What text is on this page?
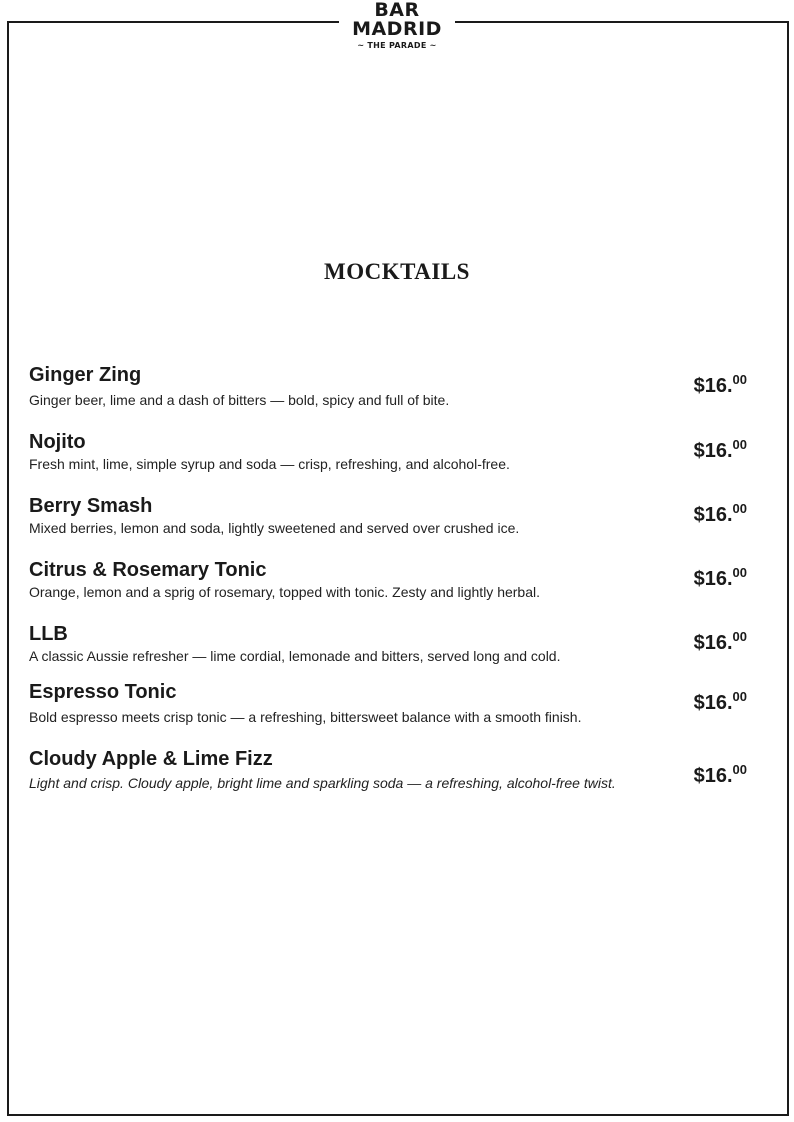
BAR
MADRID
~ THE PARADE ~
MOCKTAILS
Ginger Zing
Ginger beer, lime and a dash of bitters — bold, spicy and full of bite.
$16.00
Nojito
Fresh mint, lime, simple syrup and soda — crisp, refreshing, and alcohol-free.
$16.00
Berry Smash
Mixed berries, lemon and soda, lightly sweetened and served over crushed ice.
$16.00
Citrus & Rosemary Tonic
Orange, lemon and a sprig of rosemary, topped with tonic. Zesty and lightly herbal.
$16.00
LLB
A classic Aussie refresher — lime cordial, lemonade and bitters, served long and cold.
$16.00
Espresso Tonic
Bold espresso meets crisp tonic — a refreshing, bittersweet balance with a smooth finish.
$16.00
Cloudy Apple & Lime Fizz
Light and crisp. Cloudy apple, bright lime and sparkling soda — a refreshing, alcohol-free twist.	$16.00
